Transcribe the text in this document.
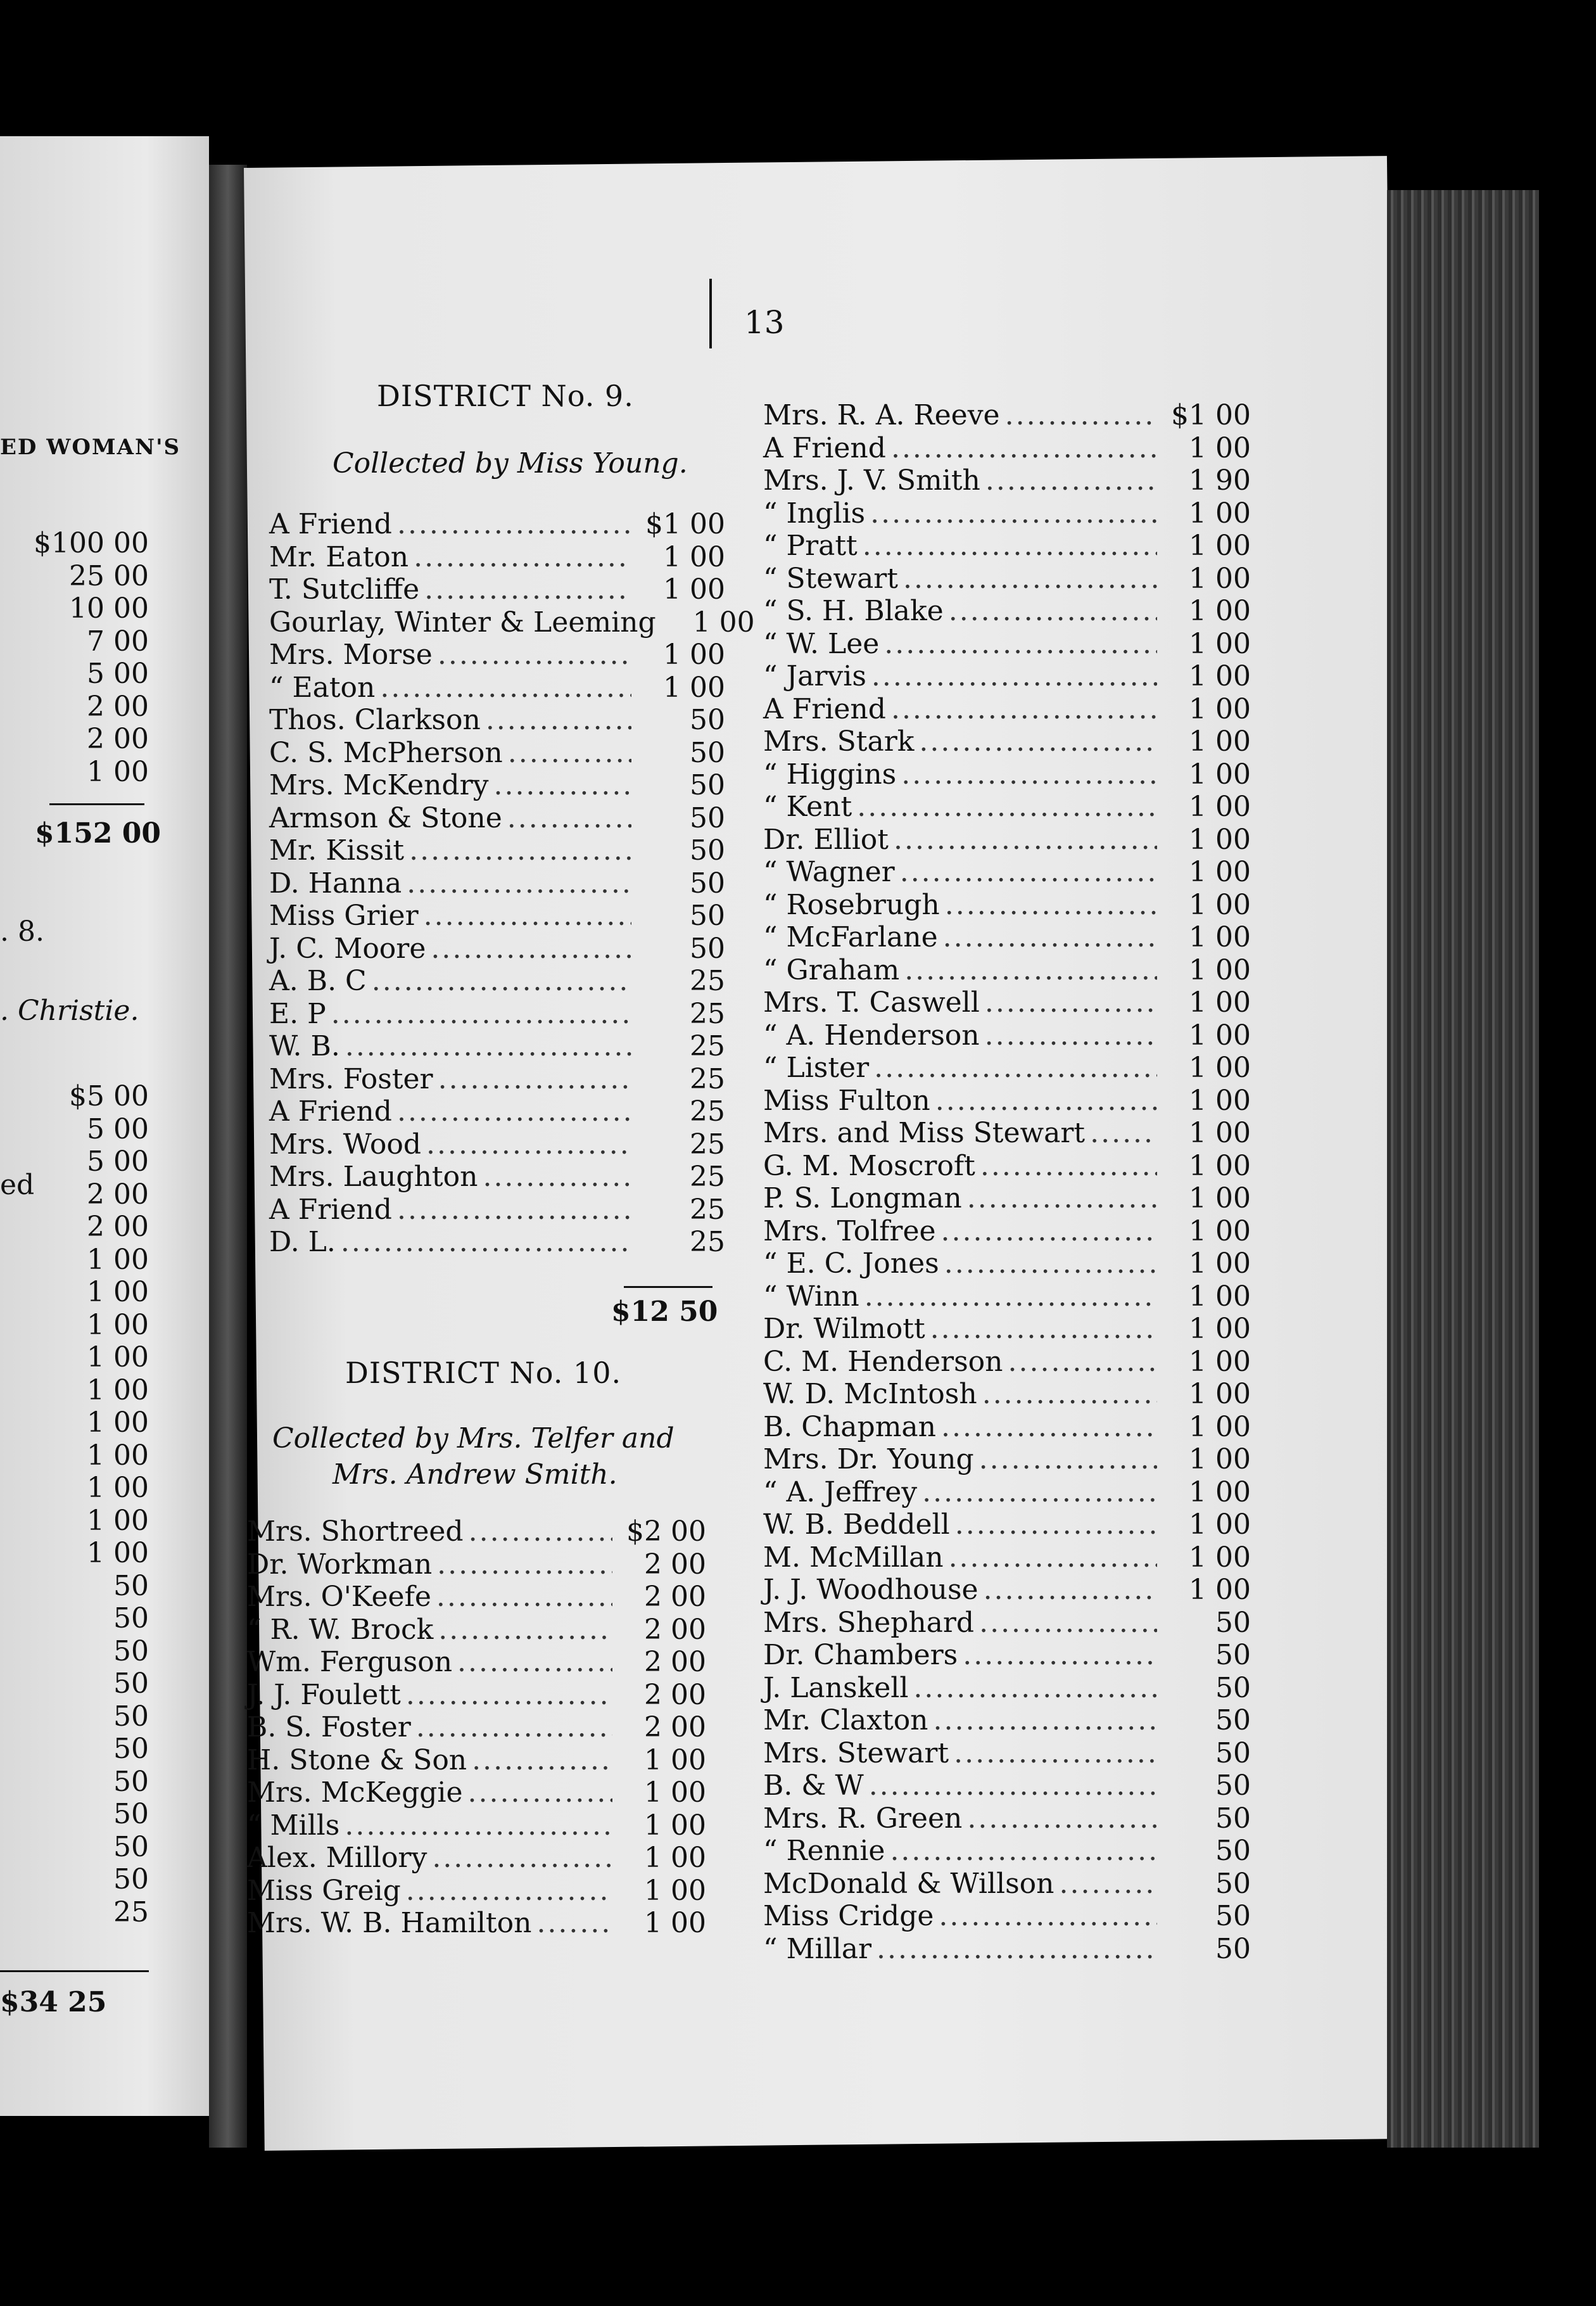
ED WOMAN'S
$100 00
25 00
10 00
7 00
5 00
2 00
2 00
1 00
$152 00
. 8.
. Christie.
ed
$5 00
5 00
5 00
2 00
2 00
1 00
1 00
1 00
1 00
1 00
1 00
1 00
1 00
1 00
1 00
50
50
50
50
50
50
50
50
50
50
25
$34 25
13
DISTRICT No. 9.
Collected by Miss Young.
A Friend .....	$1 00
Mr. Eaton .....	1 00
T. Sutcliffe .....	1 00
Gourlay, Winter & Leeming	1 00
Mrs. Morse .....	1 00
“ Eaton .....	1 00
Thos. Clarkson .....	50
C. S. McPherson .....	50
Mrs. McKendry .....	50
Armson & Stone .....	50
Mr. Kissit .....	50
D. Hanna .....	50
Miss Grier .....	50
J. C. Moore .....	50
A. B. C .....	25
E. P .....	25
W. B. .....	25
Mrs. Foster .....	25
A Friend .....	25
Mrs. Wood .....	25
Mrs. Laughton .....	25
A Friend .....	25
D. L. .....	25
$12 50
DISTRICT No. 10.
Collected by Mrs. Telfer and
Mrs. Andrew Smith.
Mrs. Shortreed .....	$2 00
Dr. Workman .....	2 00
Mrs. O'Keefe .....	2 00
“ R. W. Brock .....	2 00
Wm. Ferguson .....	2 00
J. J. Foulett .....	2 00
B. S. Foster .....	2 00
H. Stone & Son .....	1 00
Mrs. McKeggie .....	1 00
“ Mills .....	1 00
Alex. Millory .....	1 00
Miss Greig .....	1 00
Mrs. W. B. Hamilton .....	1 00
Mrs. R. A. Reeve .....	$1 00
A Friend .....	1 00
Mrs. J. V. Smith .....	1 90
“ Inglis .....	1 00
“ Pratt .....	1 00
“ Stewart .....	1 00
“ S. H. Blake .....	1 00
“ W. Lee .....	1 00
“ Jarvis .....	1 00
A Friend .....	1 00
Mrs. Stark .....	1 00
“ Higgins .....	1 00
“ Kent .....	1 00
Dr. Elliot .....	1 00
“ Wagner .....	1 00
“ Rosebrugh .....	1 00
“ McFarlane .....	1 00
“ Graham .....	1 00
Mrs. T. Caswell .....	1 00
“ A. Henderson .....	1 00
“ Lister .....	1 00
Miss Fulton .....	1 00
Mrs. and Miss Stewart .....	1 00
G. M. Moscroft .....	1 00
P. S. Longman .....	1 00
Mrs. Tolfree .....	1 00
“ E. C. Jones .....	1 00
“ Winn .....	1 00
Dr. Wilmott .....	1 00
C. M. Henderson .....	1 00
W. D. McIntosh .....	1 00
B. Chapman .....	1 00
Mrs. Dr. Young .....	1 00
“ A. Jeffrey .....	1 00
W. B. Beddell .....	1 00
M. McMillan .....	1 00
J. J. Woodhouse .....	1 00
Mrs. Shephard .....	50
Dr. Chambers .....	50
J. Lanskell .....	50
Mr. Claxton .....	50
Mrs. Stewart .....	50
B. & W .....	50
Mrs. R. Green .....	50
“ Rennie .....	50
McDonald & Willson .....	50
Miss Cridge .....	50
“ Millar .....	50
